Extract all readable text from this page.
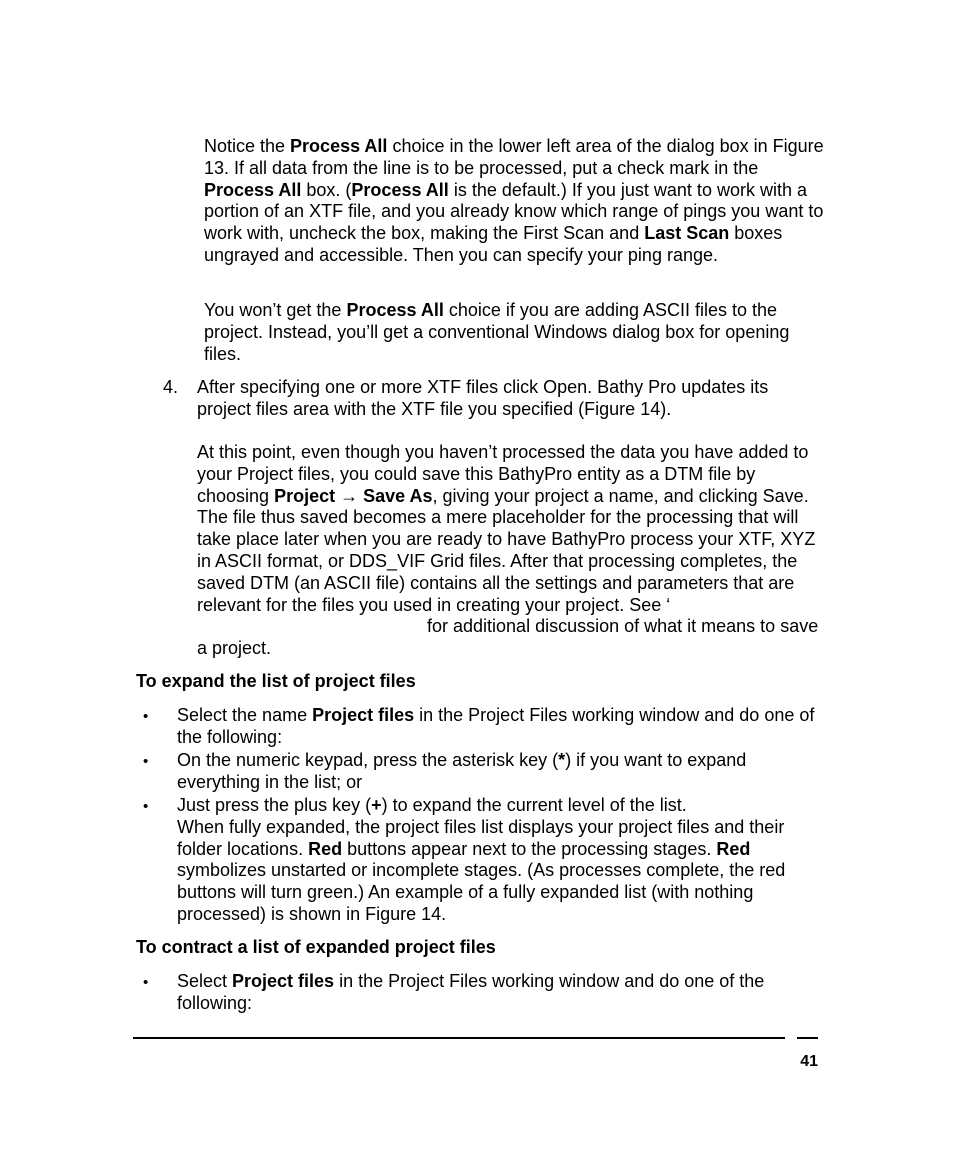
Notice the Process All choice in the lower left area of the dialog box in Figure 13. If all data from the line is to be processed, put a check mark in the Process All box. (Process All is the default.) If you just want to work with a portion of an XTF file, and you already know which range of pings you want to work with, uncheck the box, making the First Scan and Last Scan boxes ungrayed and accessible. Then you can specify your ping range.

You won’t get the Process All choice if you are adding ASCII files to the project. Instead, you’ll get a conventional Windows dialog box for opening files.

4. After specifying one or more XTF files click Open. Bathy Pro updates its project files area with the XTF file you specified (Figure 14).

At this point, even though you haven’t processed the data you have added to your Project files, you could save this BathyPro entity as a DTM file by choosing Project → Save As, giving your project a name, and clicking Save. The file thus saved becomes a mere placeholder for the processing that will take place later when you are ready to have BathyPro process your XTF, XYZ in ASCII format, or DDS_VIF Grid files. After that processing completes, the saved DTM (an ASCII file) contains all the settings and parameters that are relevant for the files you used in creating your project. See ‘for additional discussion of what it means to save a project.

To expand the list of project files

• Select the name Project files in the Project Files working window and do one of the following:

• On the numeric keypad, press the asterisk key (*) if you want to expand everything in the list; or

• Just press the plus key (+) to expand the current level of the list.
When fully expanded, the project files list displays your project files and their folder locations. Red buttons appear next to the processing stages. Red symbolizes unstarted or incomplete stages. (As processes complete, the red buttons will turn green.) An example of a fully expanded list (with nothing processed) is shown in Figure 14.

To contract a list of expanded project files

• Select Project files in the Project Files working window and do one of the following:

41
